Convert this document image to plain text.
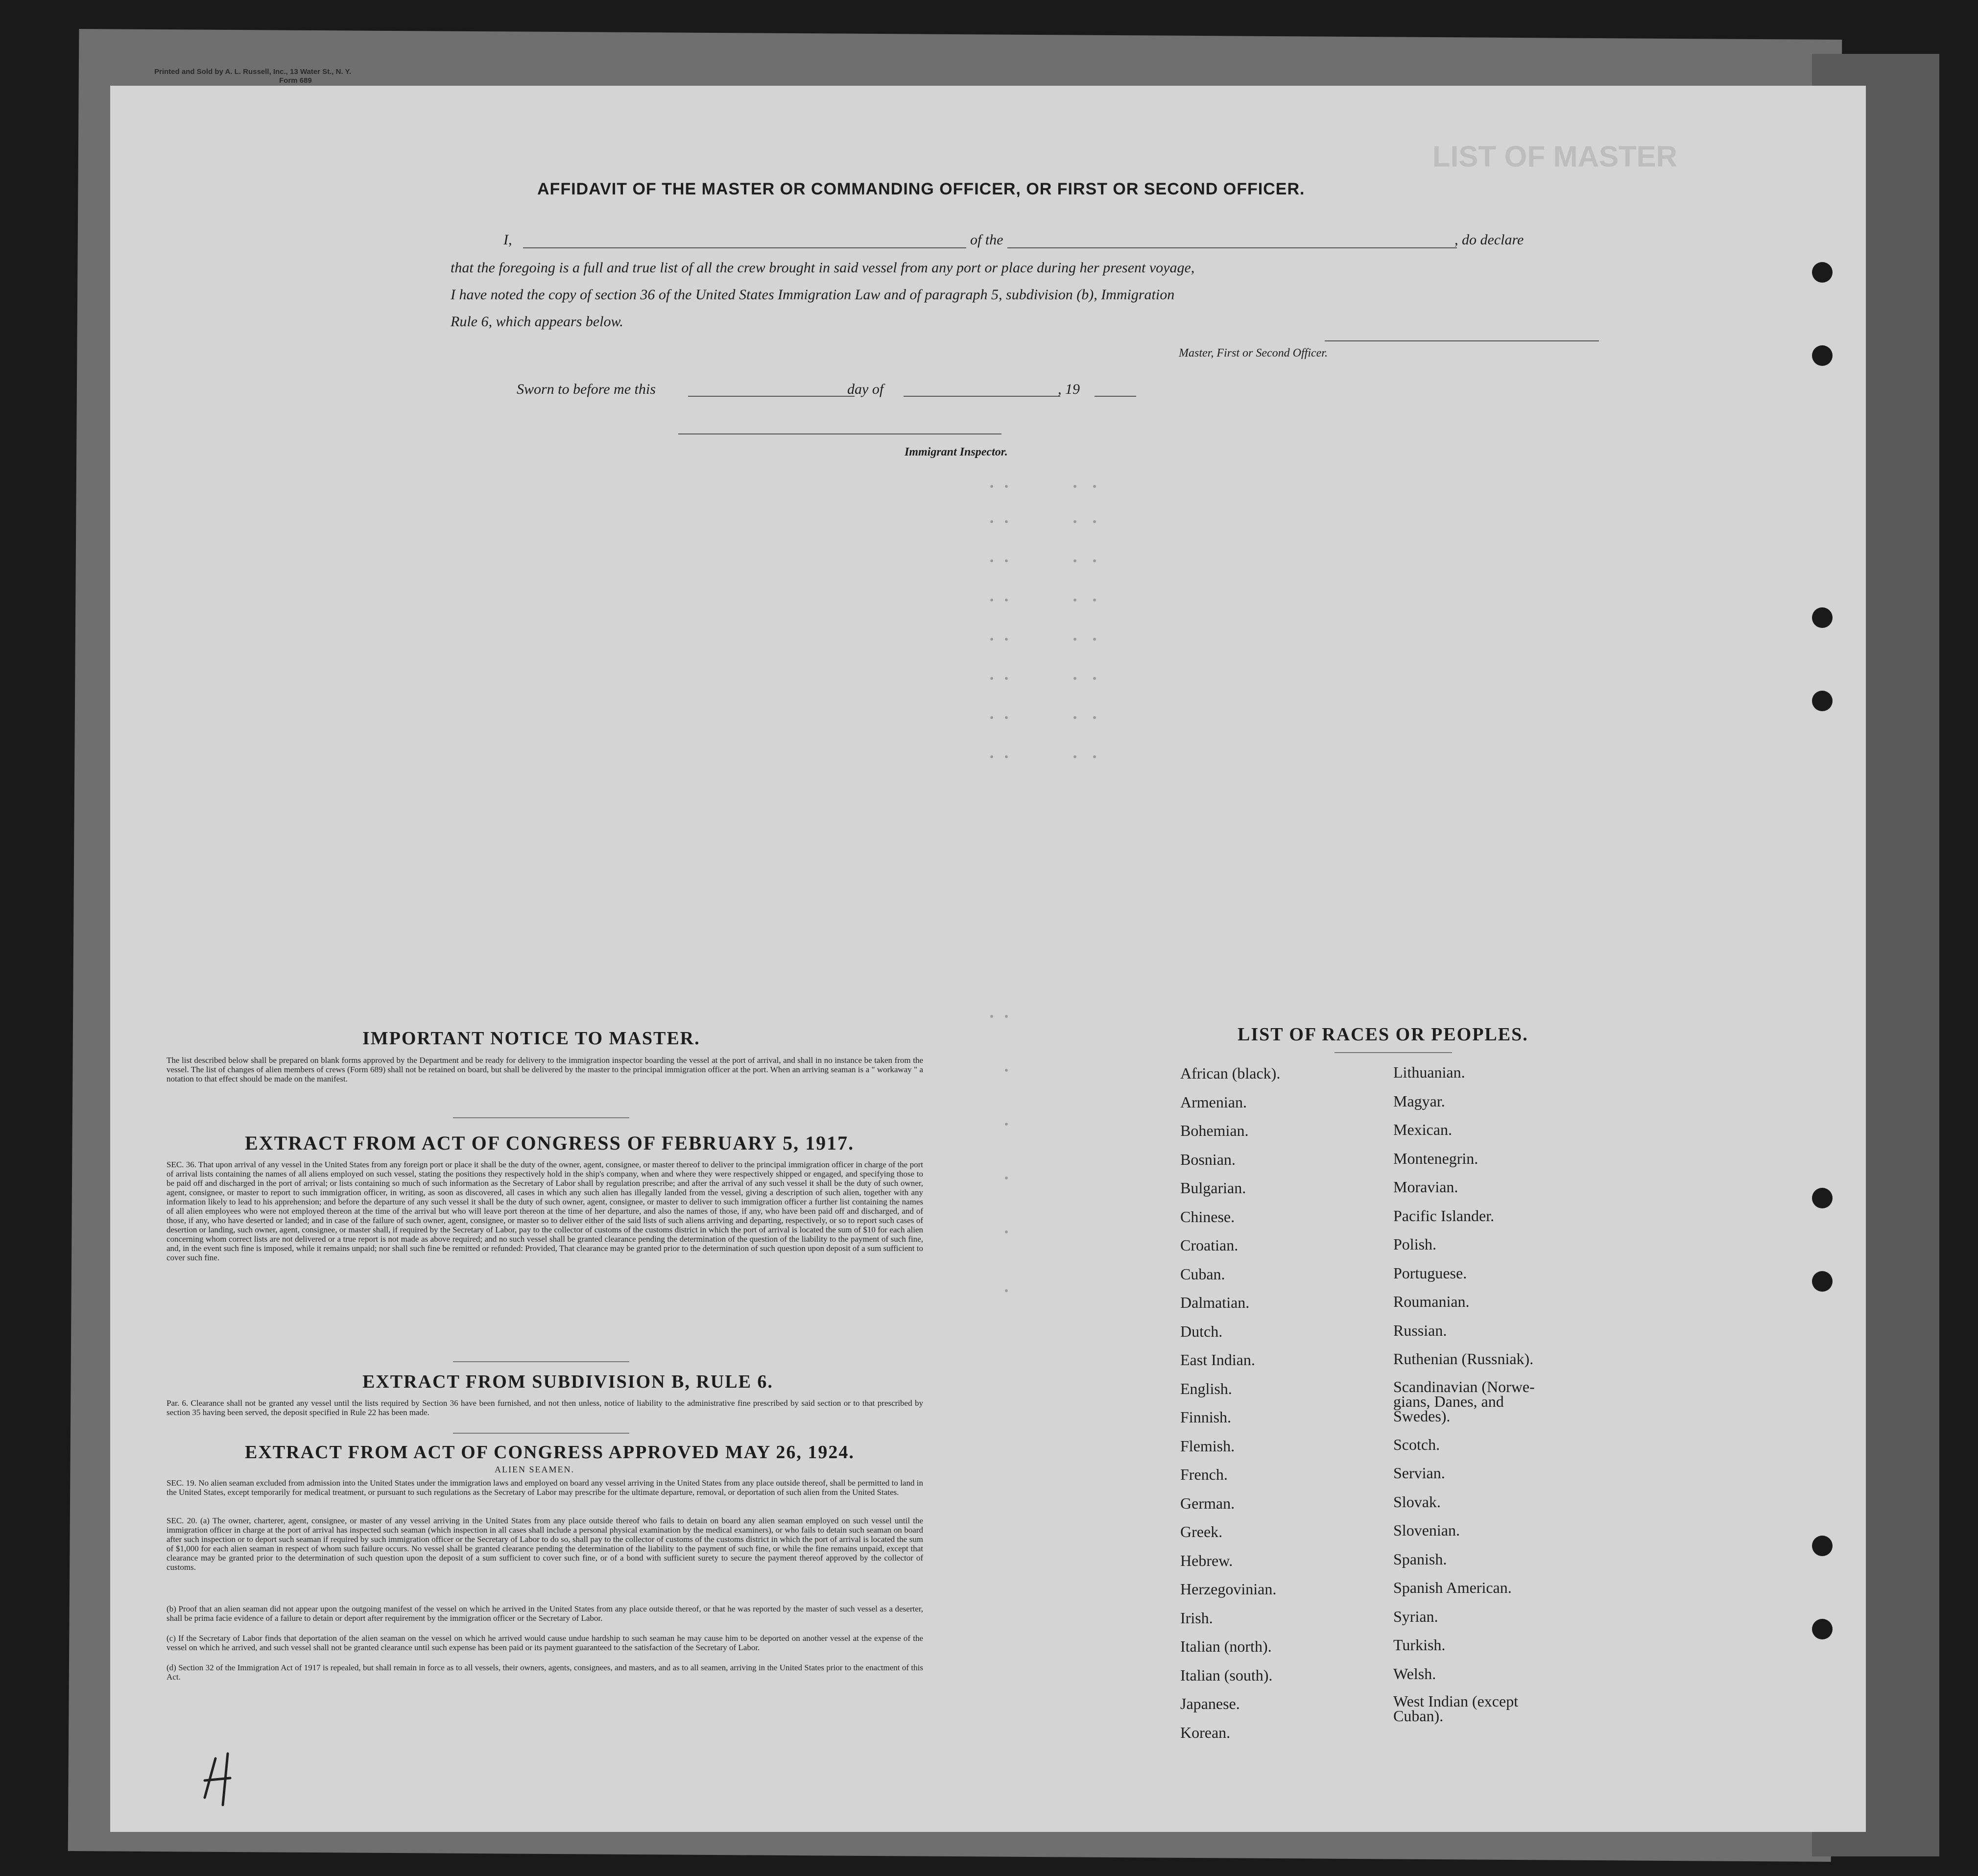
Printed and Sold by A. L. Russell, Inc., 13 Water St., N. Y.
Form 689
LIST OF MASTER
AFFIDAVIT OF THE MASTER OR COMMANDING OFFICER, OR FIRST OR SECOND OFFICER.
I,	of the	, do declare
that the foregoing is a full and true list of all the crew brought in said vessel from any port or place during her present voyage,
I have noted the copy of section 36 of the United States Immigration Law and of paragraph 5, subdivision (b), Immigration
Rule 6, which appears below.
Master, First or Second Officer.
Sworn to before me this	day of	, 19
Immigrant Inspector.
IMPORTANT NOTICE TO MASTER.
The list described below shall be prepared on blank forms approved by the Department and be ready for delivery to the immigration inspector boarding the vessel at the port of arrival, and shall in no instance be taken from the vessel. The list of changes of alien members of crews (Form 689) shall not be retained on board, but shall be delivered by the master to the principal immigration officer at the port. When an arriving seaman is a " workaway " a notation to that effect should be made on the manifest.
EXTRACT FROM ACT OF CONGRESS OF FEBRUARY 5, 1917.
SEC. 36. That upon arrival of any vessel in the United States from any foreign port or place it shall be the duty of the owner, agent, consignee, or master thereof to deliver to the principal immigration officer in charge of the port of arrival lists containing the names of all aliens employed on such vessel, stating the positions they respectively hold in the ship's company, when and where they were respectively shipped or engaged, and specifying those to be paid off and discharged in the port of arrival; or lists containing so much of such information as the Secretary of Labor shall by regulation prescribe; and after the arrival of any such vessel it shall be the duty of such owner, agent, consignee, or master to report to such immigration officer, in writing, as soon as discovered, all cases in which any such alien has illegally landed from the vessel, giving a description of such alien, together with any information likely to lead to his apprehension; and before the departure of any such vessel it shall be the duty of such owner, agent, consignee, or master to deliver to such immigration officer a further list containing the names of all alien employees who were not employed thereon at the time of the arrival but who will leave port thereon at the time of her departure, and also the names of those, if any, who have been paid off and discharged, and of those, if any, who have deserted or landed; and in case of the failure of such owner, agent, consignee, or master so to deliver either of the said lists of such aliens arriving and departing, respectively, or so to report such cases of desertion or landing, such owner, agent, consignee, or master shall, if required by the Secretary of Labor, pay to the collector of customs of the customs district in which the port of arrival is located the sum of $10 for each alien concerning whom correct lists are not delivered or a true report is not made as above required; and no such vessel shall be granted clearance pending the determination of the question of the liability to the payment of such fine, and, in the event such fine is imposed, while it remains unpaid; nor shall such fine be remitted or refunded: Provided, That clearance may be granted prior to the determination of such question upon deposit of a sum sufficient to cover such fine.
EXTRACT FROM SUBDIVISION B, RULE 6.
Par. 6. Clearance shall not be granted any vessel until the lists required by Section 36 have been furnished, and not then unless, notice of liability to the administrative fine prescribed by said section or to that prescribed by section 35 having been served, the deposit specified in Rule 22 has been made.
EXTRACT FROM ACT OF CONGRESS APPROVED MAY 26, 1924.
ALIEN SEAMEN.
SEC. 19. No alien seaman excluded from admission into the United States under the immigration laws and employed on board any vessel arriving in the United States from any place outside thereof, shall be permitted to land in the United States, except temporarily for medical treatment, or pursuant to such regulations as the Secretary of Labor may prescribe for the ultimate departure, removal, or deportation of such alien from the United States.
SEC. 20. (a) The owner, charterer, agent, consignee, or master of any vessel arriving in the United States from any place outside thereof who fails to detain on board any alien seaman employed on such vessel until the immigration officer in charge at the port of arrival has inspected such seaman (which inspection in all cases shall include a personal physical examination by the medical examiners), or who fails to detain such seaman on board after such inspection or to deport such seaman if required by such immigration officer or the Secretary of Labor to do so, shall pay to the collector of customs of the customs district in which the port of arrival is located the sum of $1,000 for each alien seaman in respect of whom such failure occurs. No vessel shall be granted clearance pending the determination of the liability to the payment of such fine, or while the fine remains unpaid, except that clearance may be granted prior to the determination of such question upon the deposit of a sum sufficient to cover such fine, or of a bond with sufficient surety to secure the payment thereof approved by the collector of customs.
(b) Proof that an alien seaman did not appear upon the outgoing manifest of the vessel on which he arrived in the United States from any place outside thereof, or that he was reported by the master of such vessel as a deserter, shall be prima facie evidence of a failure to detain or deport after requirement by the immigration officer or the Secretary of Labor.
(c) If the Secretary of Labor finds that deportation of the alien seaman on the vessel on which he arrived would cause undue hardship to such seaman he may cause him to be deported on another vessel at the expense of the vessel on which he arrived, and such vessel shall not be granted clearance until such expense has been paid or its payment guaranteed to the satisfaction of the Secretary of Labor.
(d) Section 32 of the Immigration Act of 1917 is repealed, but shall remain in force as to all vessels, their owners, agents, consignees, and masters, and as to all seamen, arriving in the United States prior to the enactment of this Act.
LIST OF RACES OR PEOPLES.
African (black).
Armenian.
Bohemian.
Bosnian.
Bulgarian.
Chinese.
Croatian.
Cuban.
Dalmatian.
Dutch.
East Indian.
English.
Finnish.
Flemish.
French.
German.
Greek.
Hebrew.
Herzegovinian.
Irish.
Italian (north).
Italian (south).
Japanese.
Korean.
Lithuanian.
Magyar.
Mexican.
Montenegrin.
Moravian.
Pacific Islander.
Polish.
Portuguese.
Roumanian.
Russian.
Ruthenian (Russniak).
Scandinavian (Norwe-
gians, Danes, and
Swedes).
Scotch.
Servian.
Slovak.
Slovenian.
Spanish.
Spanish American.
Syrian.
Turkish.
Welsh.
West Indian (except
Cuban).
